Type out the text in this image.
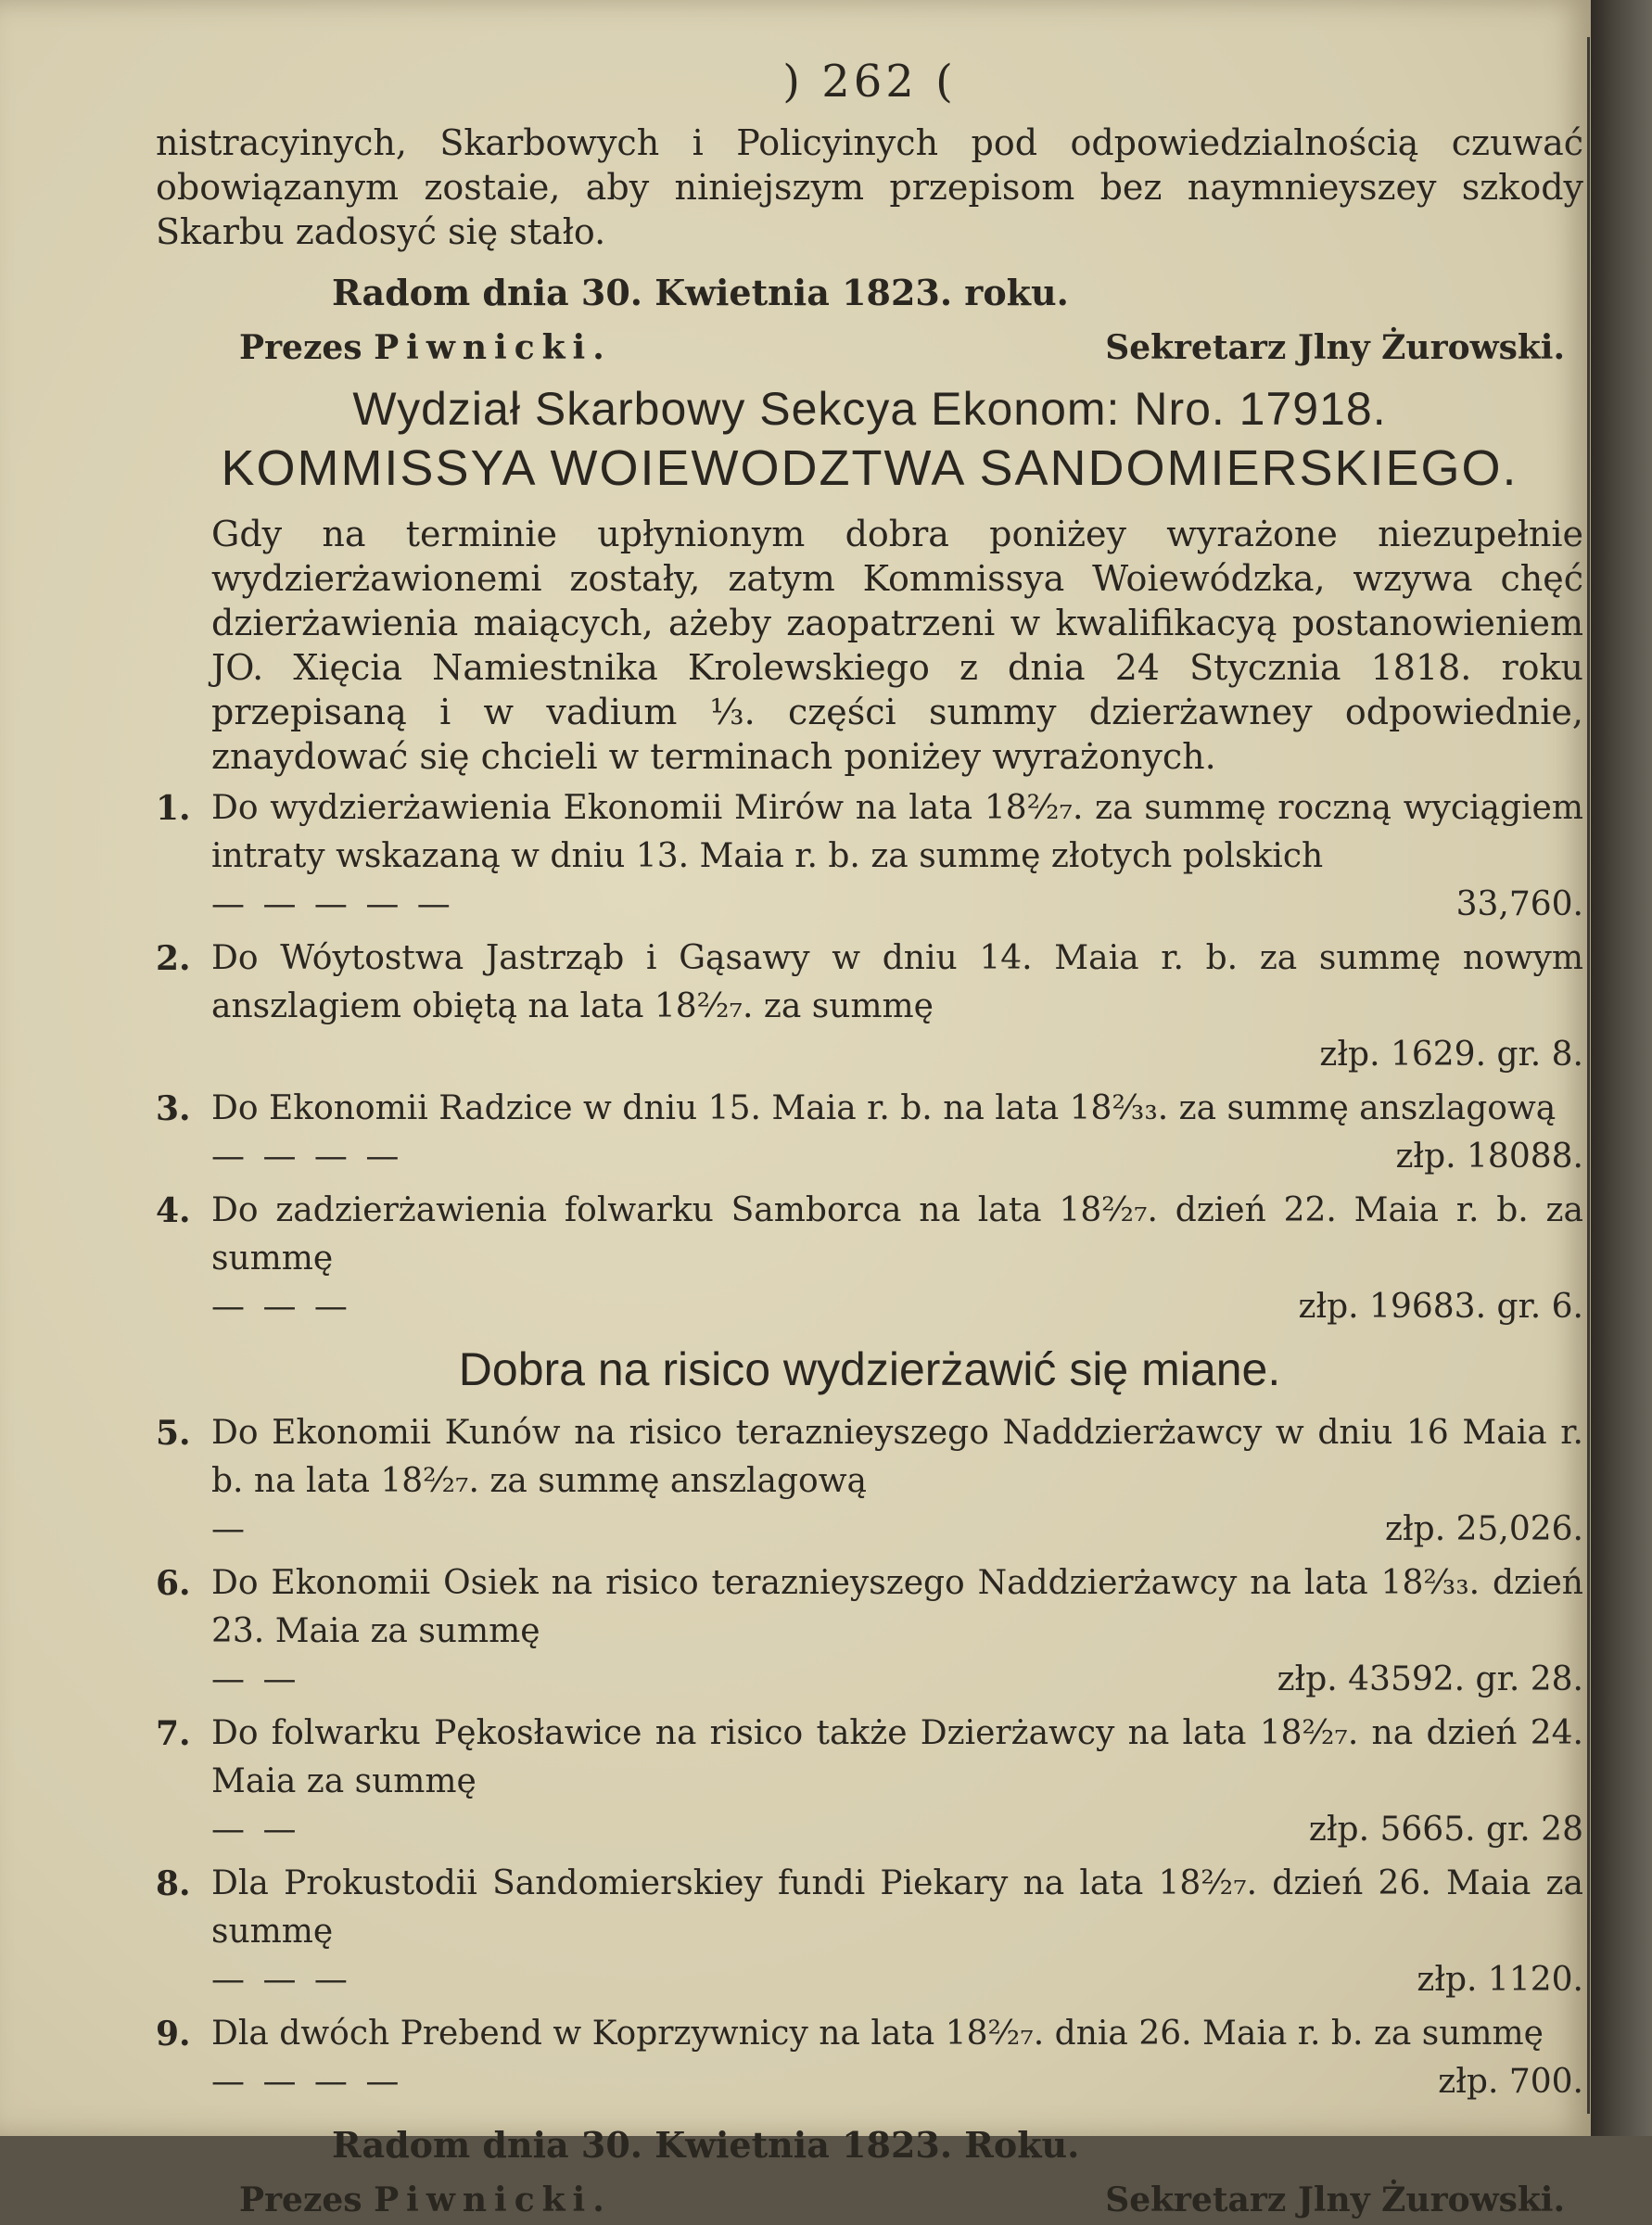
) 262 (

nistracyinych, Skarbowych i Policyinych pod odpowiedzialnością czuwać obowiązanym zostaie, aby niniejszym przepisom bez naymnieyszey szkody Skarbu zadosyć się stało.

Radom dnia 30. Kwietnia 1823. roku.
Prezes Piwnicki.	Sekretarz Jlny Żurowski.
Wydział Skarbowy Sekcya Ekonom: Nro. 17918.
KOMMISSYA WOIEWODZTWA SANDOMIERSKIEGO.

Gdy na terminie upłynionym dobra poniżey wyrażone niezupełnie wydzierżawionemi zostały, zatym Kommissya Woiewódzka, wzywa chęć dzierżawienia maiących, ażeby zaopatrzeni w kwalifikacyą postanowieniem JO. Xięcia Namiestnika Krolewskiego z dnia 24 Stycznia 1818. roku przepisaną i w vadium ⅓. części summy dzierżawney odpowiednie, znaydować się chcieli w terminach poniżey wyrażonych.

1. Do wydzierżawienia Ekonomii Mirów na lata 18²⁄₂₇. za summę roczną wyciągiem intraty wskazaną w dniu 13. Maia r. b. za summę złotych polskich
— — — — —	33,760.
2. Do Wóytostwa Jastrząb i Gąsawy w dniu 14. Maia r. b. za summę nowym anszlagiem obiętą na lata 18²⁄₂₇. za summę
złp. 1629. gr. 8.
3. Do Ekonomii Radzice w dniu 15. Maia r. b. na lata 18²⁄₃₃. za summę anszlagową
— — — —	złp. 18088.
4. Do zadzierżawienia folwarku Samborca na lata 18²⁄₂₇. dzień 22. Maia r. b. za summę
— — —	złp. 19683. gr. 6.
Dobra na risico wydzierżawić się miane.
5. Do Ekonomii Kunów na risico teraznieyszego Naddzierżawcy w dniu 16 Maia r. b. na lata 18²⁄₂₇. za summę anszlagową
—	złp. 25,026.
6. Do Ekonomii Osiek na risico teraznieyszego Naddzierżawcy na lata 18²⁄₃₃. dzień 23. Maia za summę
— —	złp. 43592. gr. 28.
7. Do folwarku Pękosławice na risico także Dzierżawcy na lata 18²⁄₂₇. na dzień 24. Maia za summę
— —	złp. 5665. gr. 28
8. Dla Prokustodii Sandomierskiey fundi Piekary na lata 18²⁄₂₇. dzień 26. Maia za summę
— — —	złp. 1120.
9. Dla dwóch Prebend w Koprzywnicy na lata 18²⁄₂₇. dnia 26. Maia r. b. za summę
— — — —	złp. 700.
Radom dnia 30. Kwietnia 1823. Roku.
Prezes Piwnicki.	Sekretarz Jlny Żurowski.
